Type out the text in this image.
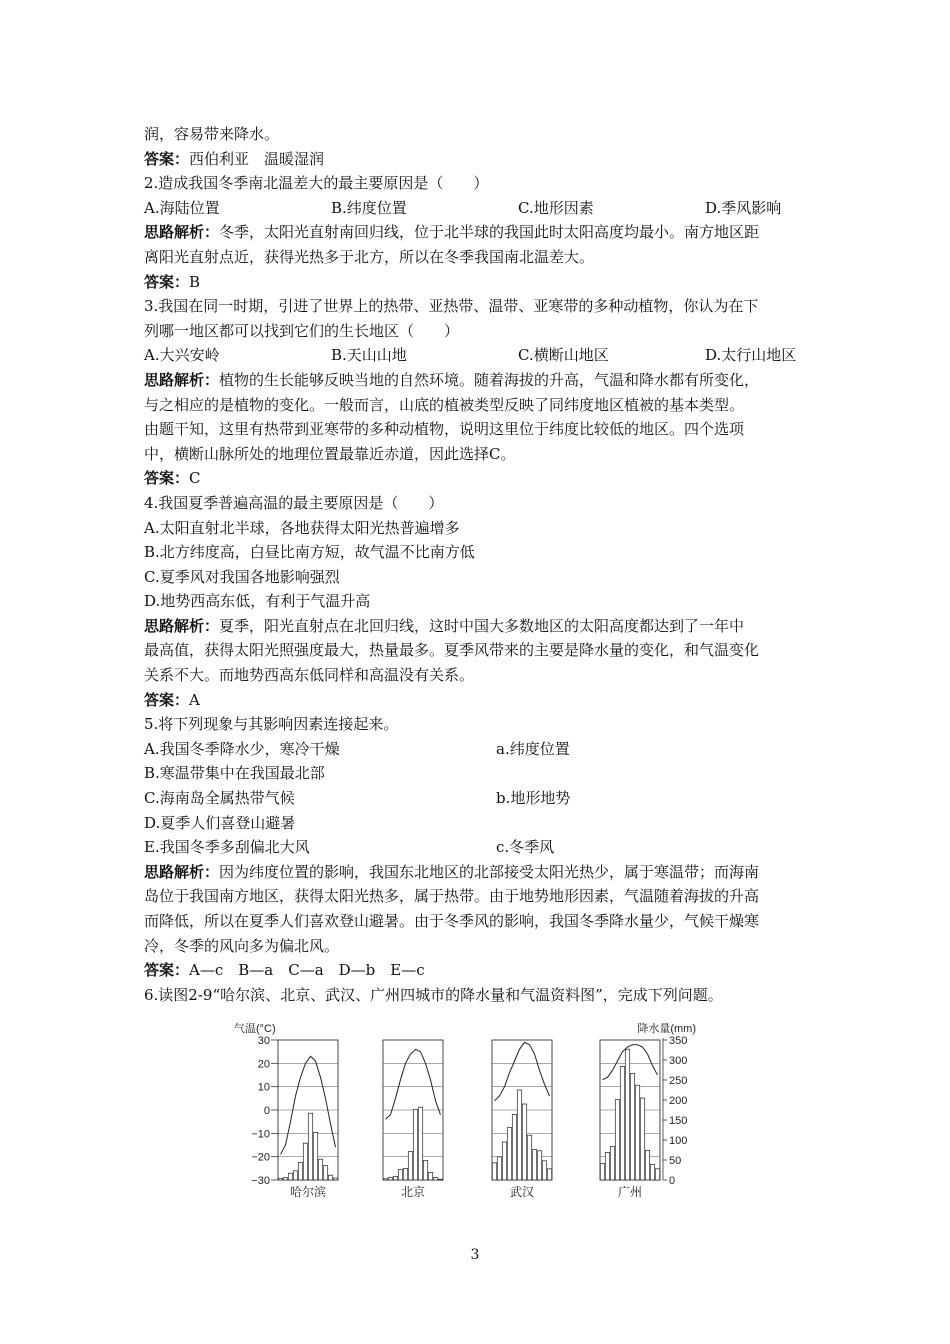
润，容易带来降水。
答案：西伯利亚　温暖湿润
2.造成我国冬季南北温差大的最主要原因是（　　）
A.海陆位置	B.纬度位置	C.地形因素	D.季风影响
思路解析：冬季，太阳光直射南回归线，位于北半球的我国此时太阳高度均最小。南方地区距
离阳光直射点近，获得光热多于北方，所以在冬季我国南北温差大。
答案：B
3.我国在同一时期，引进了世界上的热带、亚热带、温带、亚寒带的多种动植物，你认为在下
列哪一地区都可以找到它们的生长地区（　　）
A.大兴安岭	B.天山山地	C.横断山地区	D.太行山地区
思路解析：植物的生长能够反映当地的自然环境。随着海拔的升高，气温和降水都有所变化，
与之相应的是植物的变化。一般而言，山底的植被类型反映了同纬度地区植被的基本类型。
由题干知，这里有热带到亚寒带的多种动植物，说明这里位于纬度比较低的地区。四个选项
中，横断山脉所处的地理位置最靠近赤道，因此选择C。
答案：C
4.我国夏季普遍高温的最主要原因是（　　）
A.太阳直射北半球，各地获得太阳光热普遍增多
B.北方纬度高，白昼比南方短，故气温不比南方低
C.夏季风对我国各地影响强烈
D.地势西高东低，有利于气温升高
思路解析：夏季，阳光直射点在北回归线，这时中国大多数地区的太阳高度都达到了一年中
最高值，获得太阳光照强度最大，热量最多。夏季风带来的主要是降水量的变化，和气温变化
关系不大。而地势西高东低同样和高温没有关系。
答案：A
5.将下列现象与其影响因素连接起来。
A.我国冬季降水少，寒冷干燥	a.纬度位置
B.寒温带集中在我国最北部
C.海南岛全属热带气候	b.地形地势
D.夏季人们喜登山避暑
E.我国冬季多刮偏北大风	c.冬季风
思路解析：因为纬度位置的影响，我国东北地区的北部接受太阳光热少，属于寒温带；而海南
岛位于我国南方地区，获得太阳光热多，属于热带。由于地势地形因素，气温随着海拔的升高
而降低，所以在夏季人们喜欢登山避暑。由于冬季风的影响，我国冬季降水量少，气候干燥寒
冷，冬季的风向多为偏北风。
答案：A—c　B—a　C—a　D—b　E—c
6.读图2-9“哈尔滨、北京、武汉、广州四城市的降水量和气温资料图”，完成下列问题。
气温(°C)
30
20
10
0
−10
−20
−30
降水量(mm)
350
300
250
200
150
100
50
0
哈尔滨	北京	武汉	广州
3
